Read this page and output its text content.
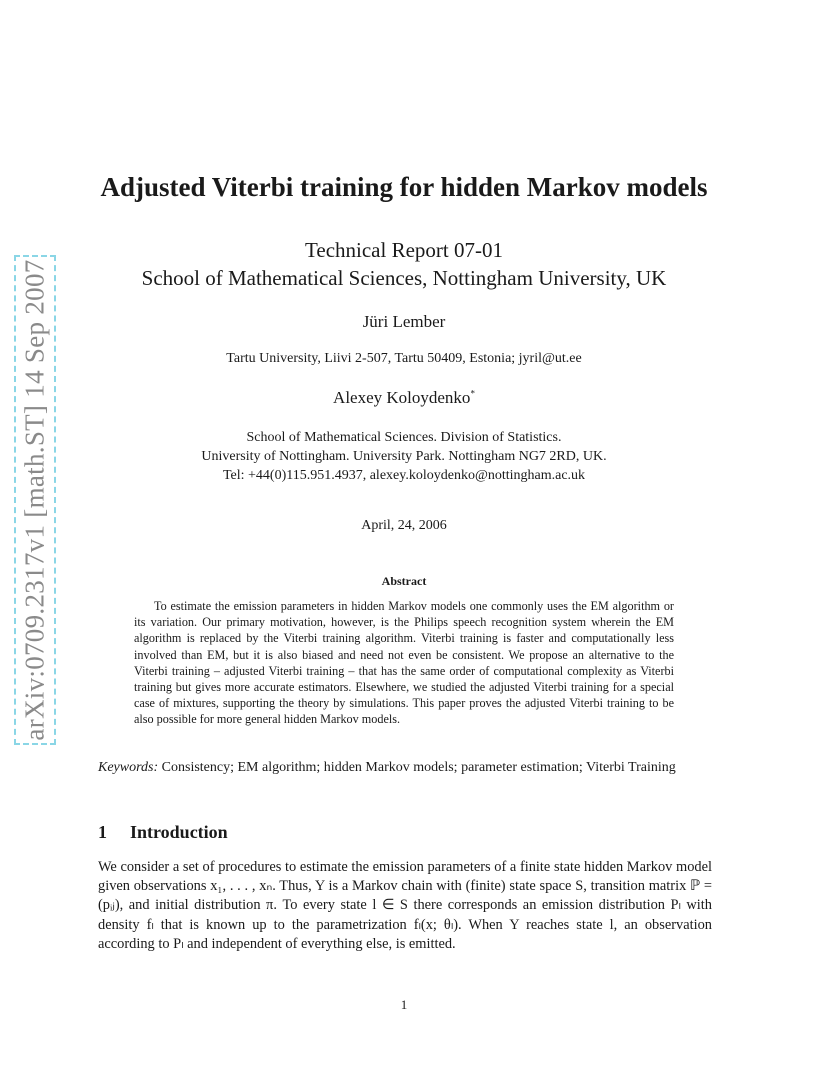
arXiv:0709.2317v1 [math.ST] 14 Sep 2007
Adjusted Viterbi training for hidden Markov models
Technical Report 07-01
School of Mathematical Sciences, Nottingham University, UK
Jüri Lember
Tartu University, Liivi 2-507, Tartu 50409, Estonia; jyril@ut.ee
Alexey Koloydenko*
School of Mathematical Sciences. Division of Statistics.
University of Nottingham. University Park. Nottingham NG7 2RD, UK.
Tel: +44(0)115.951.4937, alexey.koloydenko@nottingham.ac.uk
April, 24, 2006
Abstract
To estimate the emission parameters in hidden Markov models one commonly uses the EM algorithm or its variation. Our primary motivation, however, is the Philips speech recognition system wherein the EM algorithm is replaced by the Viterbi training algorithm. Viterbi training is faster and computationally less involved than EM, but it is also biased and need not even be consistent. We propose an alternative to the Viterbi training – adjusted Viterbi training – that has the same order of computational complexity as Viterbi training but gives more accurate estimators. Elsewhere, we studied the adjusted Viterbi training for a special case of mixtures, supporting the theory by simulations. This paper proves the adjusted Viterbi training to be also possible for more general hidden Markov models.
Keywords: Consistency; EM algorithm; hidden Markov models; parameter estimation; Viterbi Training
1 Introduction
We consider a set of procedures to estimate the emission parameters of a finite state hidden Markov model given observations x₁, . . . , xₙ. Thus, Y is a Markov chain with (finite) state space S, transition matrix ℙ = (pᵢⱼ), and initial distribution π. To every state l ∈ S there corresponds an emission distribution Pₗ with density fₗ that is known up to the parametrization fₗ(x; θₗ). When Y reaches state l, an observation according to Pₗ and independent of everything else, is emitted.
1
